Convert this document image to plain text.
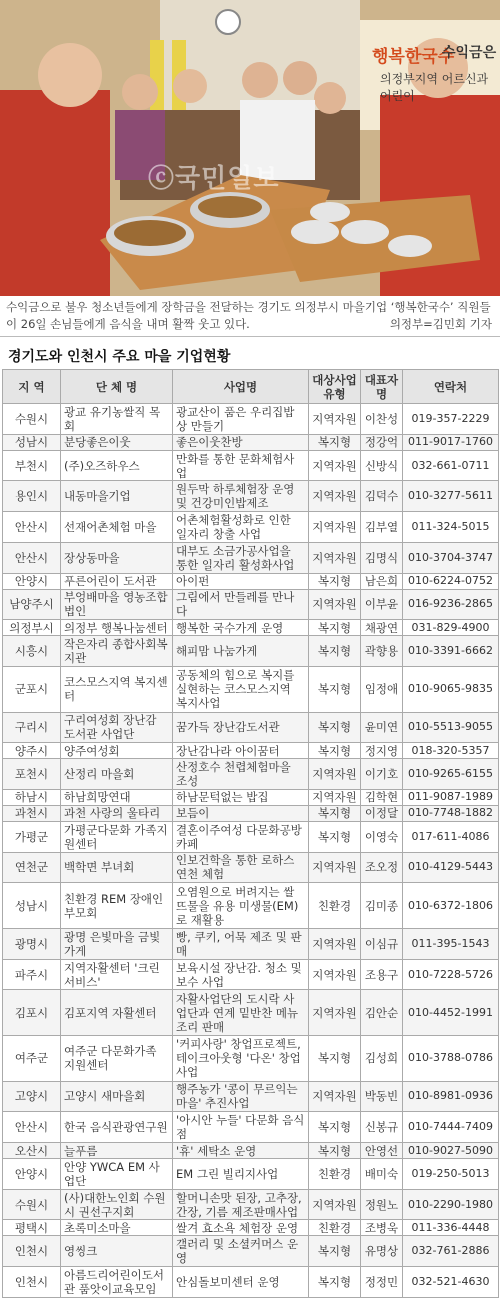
행복한국수
수익금은
의정부지역 어르신과 어린이
ⓒ국민일보
수익금으로 불우 청소년들에게 장학금을 전달하는 경기도 의정부시 마을기업 ‘행복한국수’ 직원들이 26일 손님들에게 음식을 내며 활짝 웃고 있다.	의정부=김민회 기자
경기도와 인천시 주요 마을 기업현황
지 역	단 체 명	사업명	대상사업 유형	대표자 명	연락처
수원시	광교 유기농쌀직 목회	광교산이 품은 우리집밥상 만들기	지역자원	이찬성	019-357-2229
성남시	분당좋은이웃	좋은이웃찬방	복지형	정강억	011-9017-1760
부천시	(주)오즈하우스	만화를 통한 문화체험사업	지역자원	신방식	032-661-0711
용인시	내동마을기업	원두막 하루체험장 운영 및 건강미인밥제조	지역자원	김덕수	010-3277-5611
안산시	선재어촌체험 마을	어촌체험활성화로 인한 일자리 창출 사업	지역자원	김부열	011-324-5015
안산시	장상동마을	대부도 소금가공사업을 통한 일자리 활성화사업	지역자원	김명식	010-3704-3747
안양시	푸른어린이 도서관	아이펀	복지형	남은희	010-6224-0752
남양주시	부엉배마을 영농조합법인	그림에서 만들레를 만나다	지역자원	이부윤	016-9236-2865
의정부시	의정부 행복나눔센터	행복한 국수가게 운영	복지형	채광연	031-829-4900
시흥시	작은자리 종합사회복지관	해피맘 나눔가게	복지형	곽향용	010-3391-6662
군포시	코스모스지역 복지센터	공동체의 힘으로 복지를 실현하는 코스모스지역 복지사업	복지형	임정애	010-9065-9835
구리시	구리여성회 장난감 도서관 사업단	꿈가득 장난감도서관	복지형	윤미연	010-5513-9055
양주시	양주여성회	장난감나라 아이꿈터	복지형	정지영	018-320-5357
포천시	산정리 마을회	산정호수 천렵체험마을 조성	지역자원	이기호	010-9265-6155
하남시	하남희망연대	하남문턱없는 밥집	지역자원	김학현	011-9087-1989
과천시	과천 사랑의 울타리	보듬이	복지형	이정달	010-7748-1882
가평군	가평군다문화 가족지원센터	결혼이주여성 다문화공방 카페	복지형	이영숙	017-611-4086
연천군	백학면 부녀회	인보건학을 통한 로하스연천 체험	지역자원	조오정	010-4129-5443
성남시	친환경 REM 장애인 부모회	오염원으로 버려지는 쌀뜨물을 유용 미생물(EM)로 재활용	친환경	김미종	010-6372-1806
광명시	광명 은빛마을 금빛가게	빵, 쿠키, 어묵 제조 및 판매	지역자원	이심규	011-395-1543
파주시	지역자활센터 '크린 서비스'	보육시설 장난감. 청소 및 보수 사업	지역자원	조용구	010-7228-5726
김포시	김포지역 자활센터	자활사업단의 도시락 사업단과 연계 밑반찬 메뉴 조리 판매	지역자원	김안순	010-4452-1991
여주군	여주군 다문화가족 지원센터	'커피사랑' 창업프로젝트, 테이크아웃형 '다온' 창업 사업	복지형	김성희	010-3788-0786
고양시	고양시 새마을회	행주농가 '콩이 무르익는 마을' 추진사업	지역자원	박동빈	010-8981-0936
안산시	한국 음식관광연구원	'아시안 누들' 다문화 음식점	복지형	신봉규	010-7444-7409
오산시	늘푸름	'휴' 세탁소 운영	복지형	안영선	010-9027-5090
안양시	안양 YWCA EM 사업단	EM 그린 빌리지사업	친환경	배미숙	019-250-5013
수원시	(사)대한노인회 수원시 권선구지회	할머니손맛 된장, 고추장, 간장, 기름 제조판매사업	지역자원	정원노	010-2290-1980
평택시	초록미소마을	쌀겨 효소욕 체험장 운영	친환경	조병욱	011-336-4448
인천시	영씽크	갤러리 및 소셜커머스 운영	복지형	유명상	032-761-2886
인천시	아름드리어린이도서관 품앗이교육모임	안심돌보미센터 운영	복지형	정정민	032-521-4630
